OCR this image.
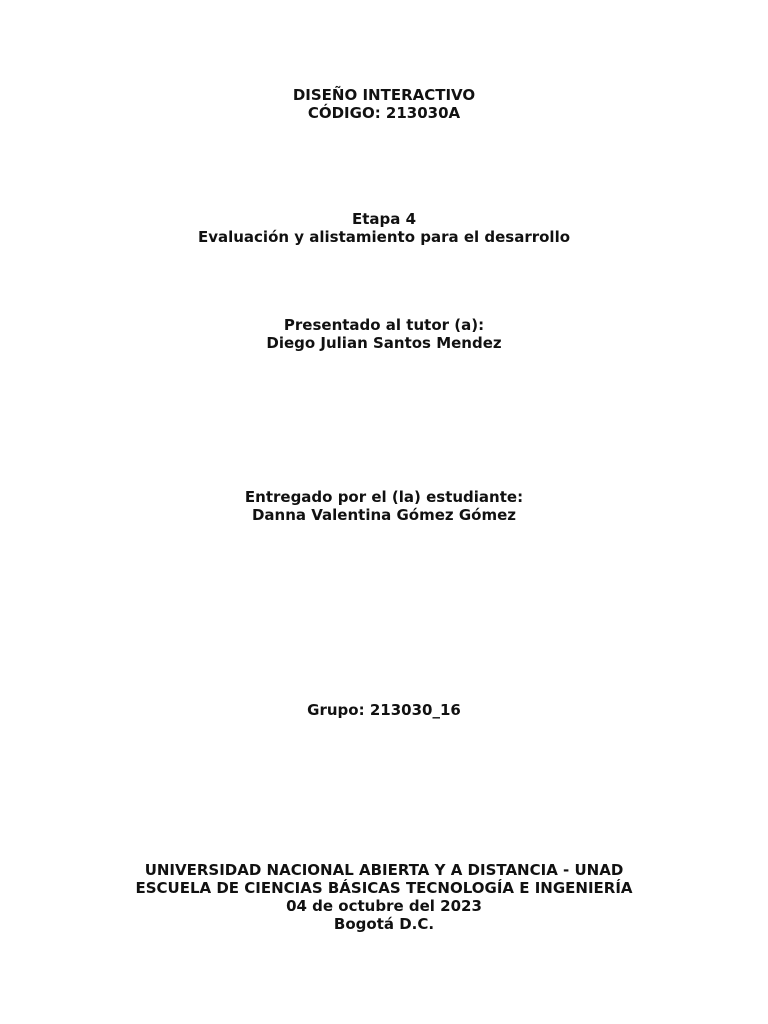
DISEÑO INTERACTIVO
CÓDIGO: 213030A
Etapa 4
Evaluación y alistamiento para el desarrollo
Presentado al tutor (a):
Diego Julian Santos Mendez
Entregado por el (la) estudiante:
Danna Valentina Gómez Gómez
Grupo: 213030_16
UNIVERSIDAD NACIONAL ABIERTA Y A DISTANCIA - UNAD
ESCUELA DE CIENCIAS BÁSICAS TECNOLOGÍA E INGENIERÍA
04 de octubre del 2023
Bogotá D.C.
